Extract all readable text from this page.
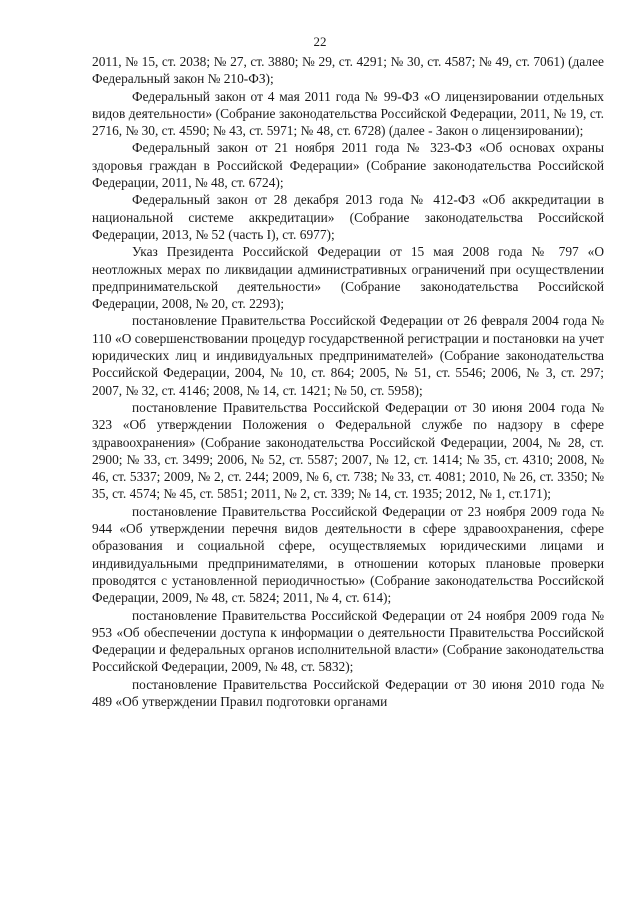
22

2011, № 15, ст. 2038; № 27, ст. 3880; № 29, ст. 4291; № 30, ст. 4587; № 49, ст. 7061) (далее Федеральный закон № 210-ФЗ);

Федеральный закон от 4 мая 2011 года № 99-ФЗ «О лицензировании отдельных видов деятельности» (Собрание законодательства Российской Федерации, 2011, № 19, ст. 2716, № 30, ст. 4590; № 43, ст. 5971; № 48, ст. 6728) (далее - Закон о лицензировании);

Федеральный закон от 21 ноября 2011 года № 323-ФЗ «Об основах охраны здоровья граждан в Российской Федерации» (Собрание законодательства Российской Федерации, 2011, № 48, ст. 6724);

Федеральный закон от 28 декабря 2013 года № 412-ФЗ «Об аккредитации в национальной системе аккредитации» (Собрание законодательства Российской Федерации, 2013, № 52 (часть I), ст. 6977);

Указ Президента Российской Федерации от 15 мая 2008 года № 797 «О неотложных мерах по ликвидации административных ограничений при осуществлении предпринимательской деятельности» (Собрание законодательства Российской Федерации, 2008, № 20, ст. 2293);

постановление Правительства Российской Федерации от 26 февраля 2004 года № 110 «О совершенствовании процедур государственной регистрации и постановки на учет юридических лиц и индивидуальных предпринимателей» (Собрание законодательства Российской Федерации, 2004, № 10, ст. 864; 2005, № 51, ст. 5546; 2006, № 3, ст. 297; 2007, № 32, ст. 4146; 2008, № 14, ст. 1421; № 50, ст. 5958);

постановление Правительства Российской Федерации от 30 июня 2004 года № 323 «Об утверждении Положения о Федеральной службе по надзору в сфере здравоохранения» (Собрание законодательства Российской Федерации, 2004, № 28, ст. 2900; № 33, ст. 3499; 2006, № 52, ст. 5587; 2007, № 12, ст. 1414; № 35, ст. 4310; 2008, № 46, ст. 5337; 2009, № 2, ст. 244; 2009, № 6, ст. 738; № 33, ст. 4081; 2010, № 26, ст. 3350; № 35, ст. 4574; № 45, ст. 5851; 2011, № 2, ст. 339; № 14, ст. 1935; 2012, № 1, ст.171);

постановление Правительства Российской Федерации от 23 ноября 2009 года № 944 «Об утверждении перечня видов деятельности в сфере здравоохранения, сфере образования и социальной сфере, осуществляемых юридическими лицами и индивидуальными предпринимателями, в отношении которых плановые проверки проводятся с установленной периодичностью» (Собрание законодательства Российской Федерации, 2009, № 48, ст. 5824; 2011, № 4, ст. 614);

постановление Правительства Российской Федерации от 24 ноября 2009 года № 953 «Об обеспечении доступа к информации о деятельности Правительства Российской Федерации и федеральных органов исполнительной власти» (Собрание законодательства Российской Федерации, 2009, № 48, ст. 5832);

постановление Правительства Российской Федерации от 30 июня 2010 года № 489 «Об утверждении Правил подготовки органами
